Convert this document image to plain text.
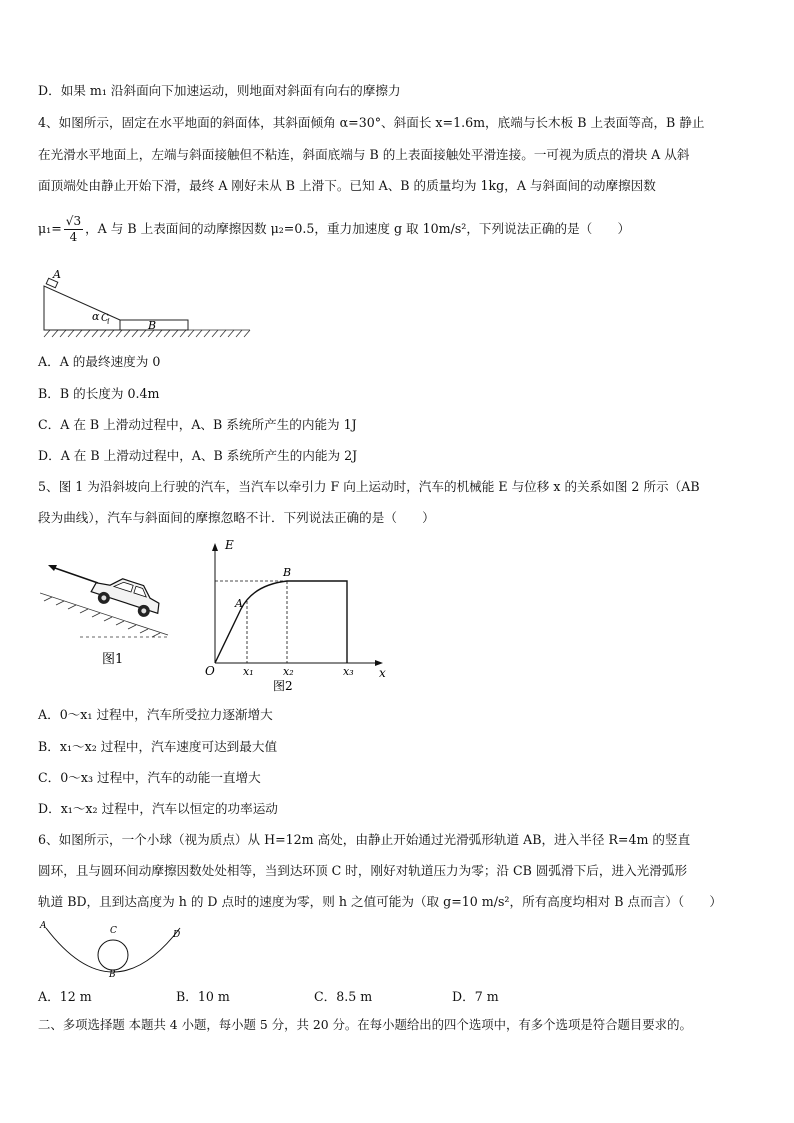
D．如果 m₁ 沿斜面向下加速运动，则地面对斜面有向右的摩擦力
4、如图所示，固定在水平地面的斜面体，其斜面倾角 α=30°、斜面长 x=1.6m，底端与长木板 B 上表面等高，B 静止
在光滑水平地面上，左端与斜面接触但不粘连，斜面底端与 B 的上表面接触处平滑连接。一可视为质点的滑块 A 从斜
面顶端处由静止开始下滑，最终 A 刚好未从 B 上滑下。已知 A、B 的质量均为 1kg，A 与斜面间的动摩擦因数
$\mu_1= \frac{√3}{4}$ ，A 与 B 上表面间的动摩擦因数 μ₂=0.5，重力加速度 g 取 10m/s²，下列说法正确的是（　　）
A
α C
B
A．A 的最终速度为 0
B．B 的长度为 0.4m
C．A 在 B 上滑动过程中，A、B 系统所产生的内能为 1J
D．A 在 B 上滑动过程中，A、B 系统所产生的内能为 2J
5、图 1 为沿斜坡向上行驶的汽车，当汽车以牵引力 F 向上运动时，汽车的机械能 E 与位移 x 的关系如图 2 所示（AB
段为曲线），汽车与斜面间的摩擦忽略不计．下列说法正确的是（　　）
图1
E
O	x
A
B
x₁	x₂	x₃
图2
A．0～x₁ 过程中，汽车所受拉力逐渐增大
B．x₁～x₂ 过程中，汽车速度可达到最大值
C．0～x₃ 过程中，汽车的动能一直增大
D．x₁～x₂ 过程中，汽车以恒定的功率运动
6、如图所示，一个小球（视为质点）从 H=12m 高处，由静止开始通过光滑弧形轨道 AB，进入半径 R=4m 的竖直
圆环，且与圆环间动摩擦因数处处相等，当到达环顶 C 时，刚好对轨道压力为零；沿 CB 圆弧滑下后，进入光滑弧形
轨道 BD，且到达高度为 h 的 D 点时的速度为零，则 h 之值可能为（取 g=10 m/s²，所有高度均相对 B 点而言）（　　）
A	C	D
B
A．12 m	B．10 m	C．8.5 m	D．7 m
二、多项选择题 本题共 4 小题，每小题 5 分，共 20 分。在每小题给出的四个选项中，有多个选项是符合题目要求的。
